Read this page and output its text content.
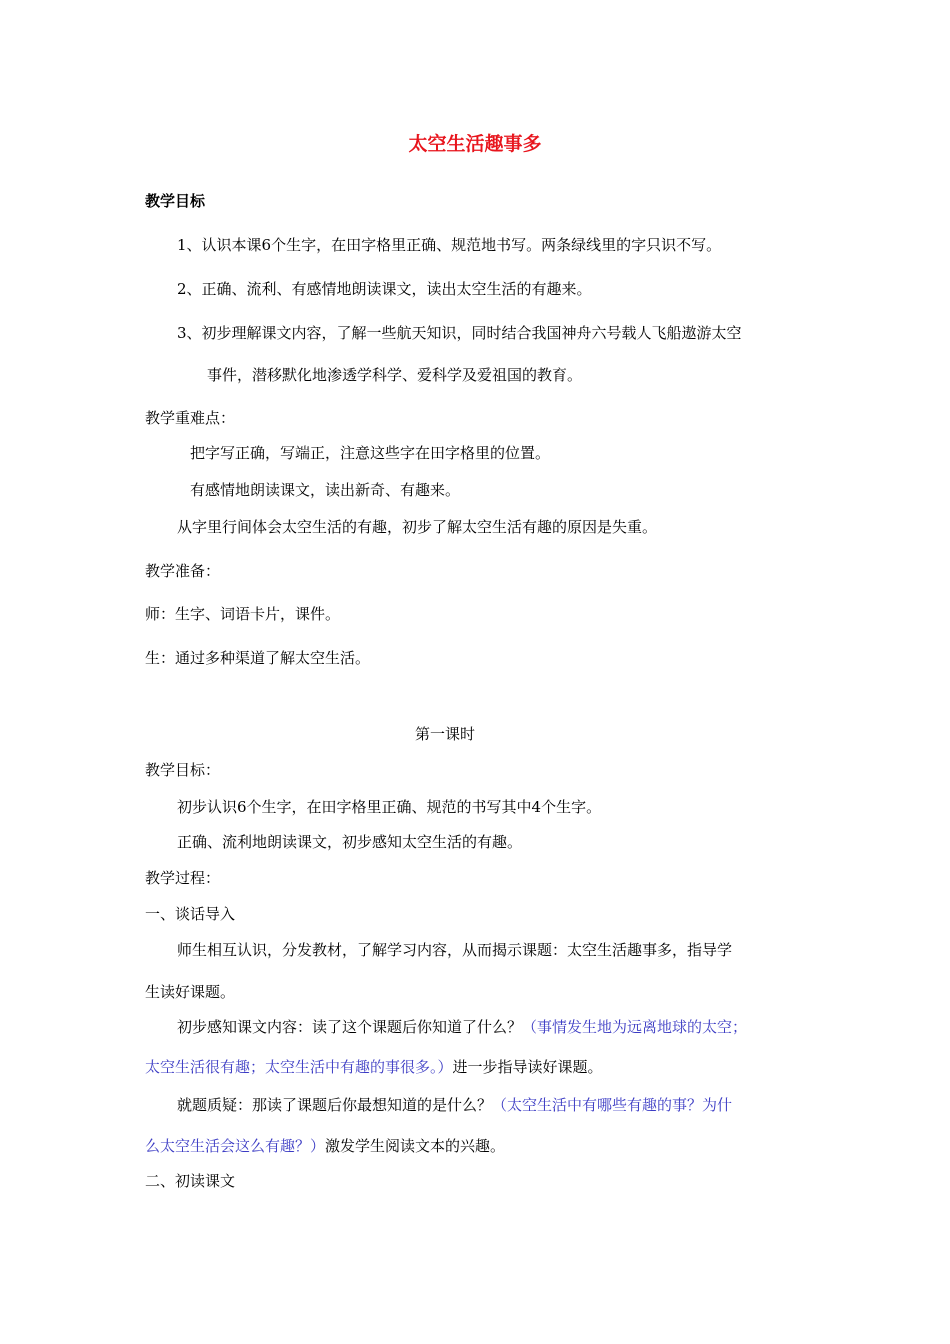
太空生活趣事多
教学目标
1、认识本课6个生字，在田字格里正确、规范地书写。两条绿线里的字只识不写。
2、正确、流利、有感情地朗读课文，读出太空生活的有趣来。
3、初步理解课文内容，了解一些航天知识，同时结合我国神舟六号载人飞船遨游太空
事件，潜移默化地渗透学科学、爱科学及爱祖国的教育。
教学重难点：
把字写正确，写端正，注意这些字在田字格里的位置。
有感情地朗读课文，读出新奇、有趣来。
从字里行间体会太空生活的有趣，初步了解太空生活有趣的原因是失重。
教学准备：
师：生字、词语卡片，课件。
生：通过多种渠道了解太空生活。
第一课时
教学目标：
初步认识6个生字，在田字格里正确、规范的书写其中4个生字。
正确、流利地朗读课文，初步感知太空生活的有趣。
教学过程：
一、谈话导入
师生相互认识，分发教材，了解学习内容，从而揭示课题：太空生活趣事多，指导学
生读好课题。
初步感知课文内容：读了这个课题后你知道了什么？（事情发生地为远离地球的太空；
太空生活很有趣；太空生活中有趣的事很多。）进一步指导读好课题。
就题质疑：那读了课题后你最想知道的是什么？（太空生活中有哪些有趣的事？为什
么太空生活会这么有趣？）激发学生阅读文本的兴趣。
二、初读课文
